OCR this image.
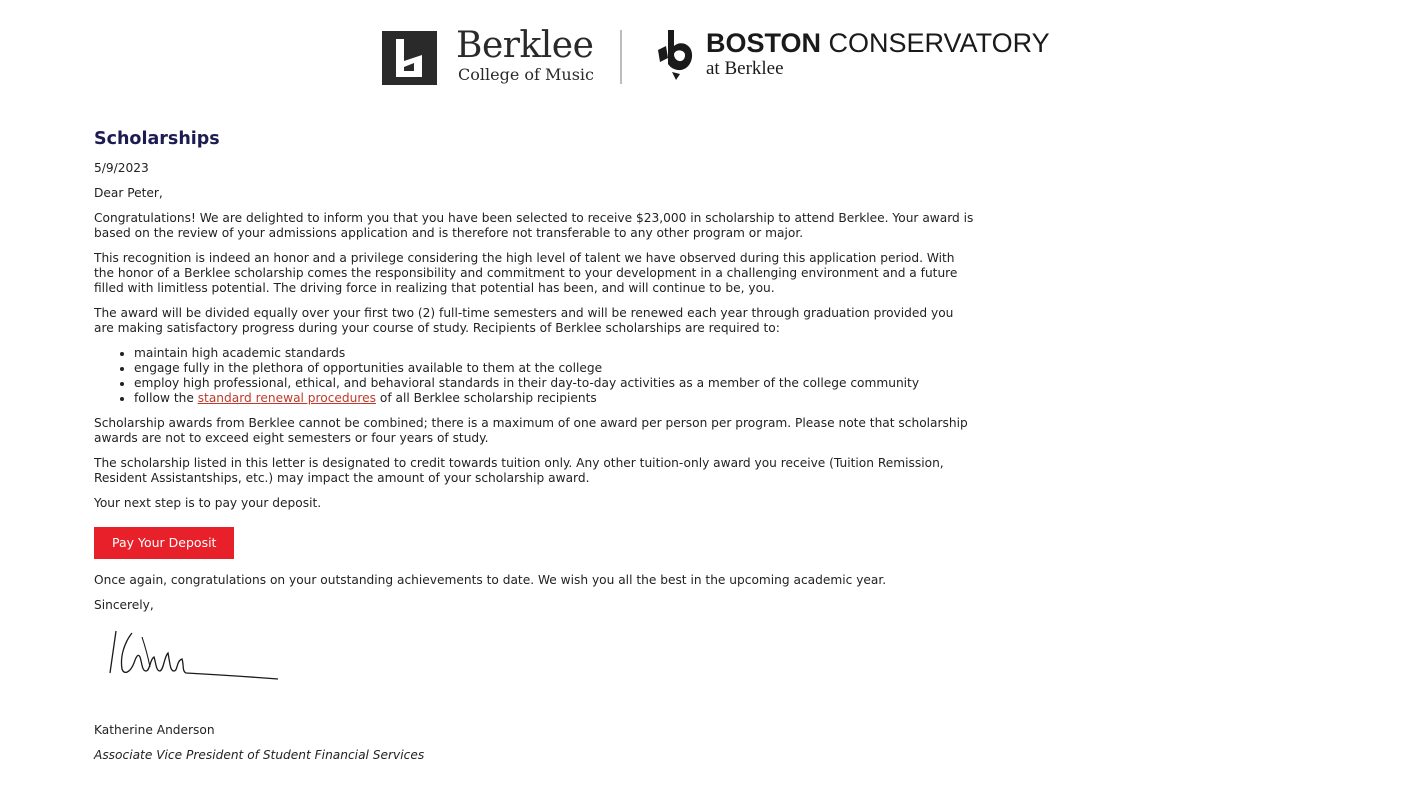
Berklee
College of Music
BOSTON CONSERVATORY
at Berklee
Scholarships

5/9/2023

Dear Peter,

Congratulations! We are delighted to inform you that you have been selected to receive $23,000 in scholarship to attend Berklee. Your award is based on the review of your admissions application and is therefore not transferable to any other program or major.

This recognition is indeed an honor and a privilege considering the high level of talent we have observed during this application period. With the honor of a Berklee scholarship comes the responsibility and commitment to your development in a challenging environment and a future filled with limitless potential. The driving force in realizing that potential has been, and will continue to be, you.

The award will be divided equally over your first two (2) full-time semesters and will be renewed each year through graduation provided you are making satisfactory progress during your course of study. Recipients of Berklee scholarships are required to:

• maintain high academic standards
• engage fully in the plethora of opportunities available to them at the college
• employ high professional, ethical, and behavioral standards in their day-to-day activities as a member of the college community
• follow the standard renewal procedures of all Berklee scholarship recipients

Scholarship awards from Berklee cannot be combined; there is a maximum of one award per person per program. Please note that scholarship awards are not to exceed eight semesters or four years of study.

The scholarship listed in this letter is designated to credit towards tuition only. Any other tuition-only award you receive (Tuition Remission, Resident Assistantships, etc.) may impact the amount of your scholarship award.

Your next step is to pay your deposit.

Pay Your Deposit

Once again, congratulations on your outstanding achievements to date. We wish you all the best in the upcoming academic year.

Sincerely,

Katherine Anderson

Associate Vice President of Student Financial Services
